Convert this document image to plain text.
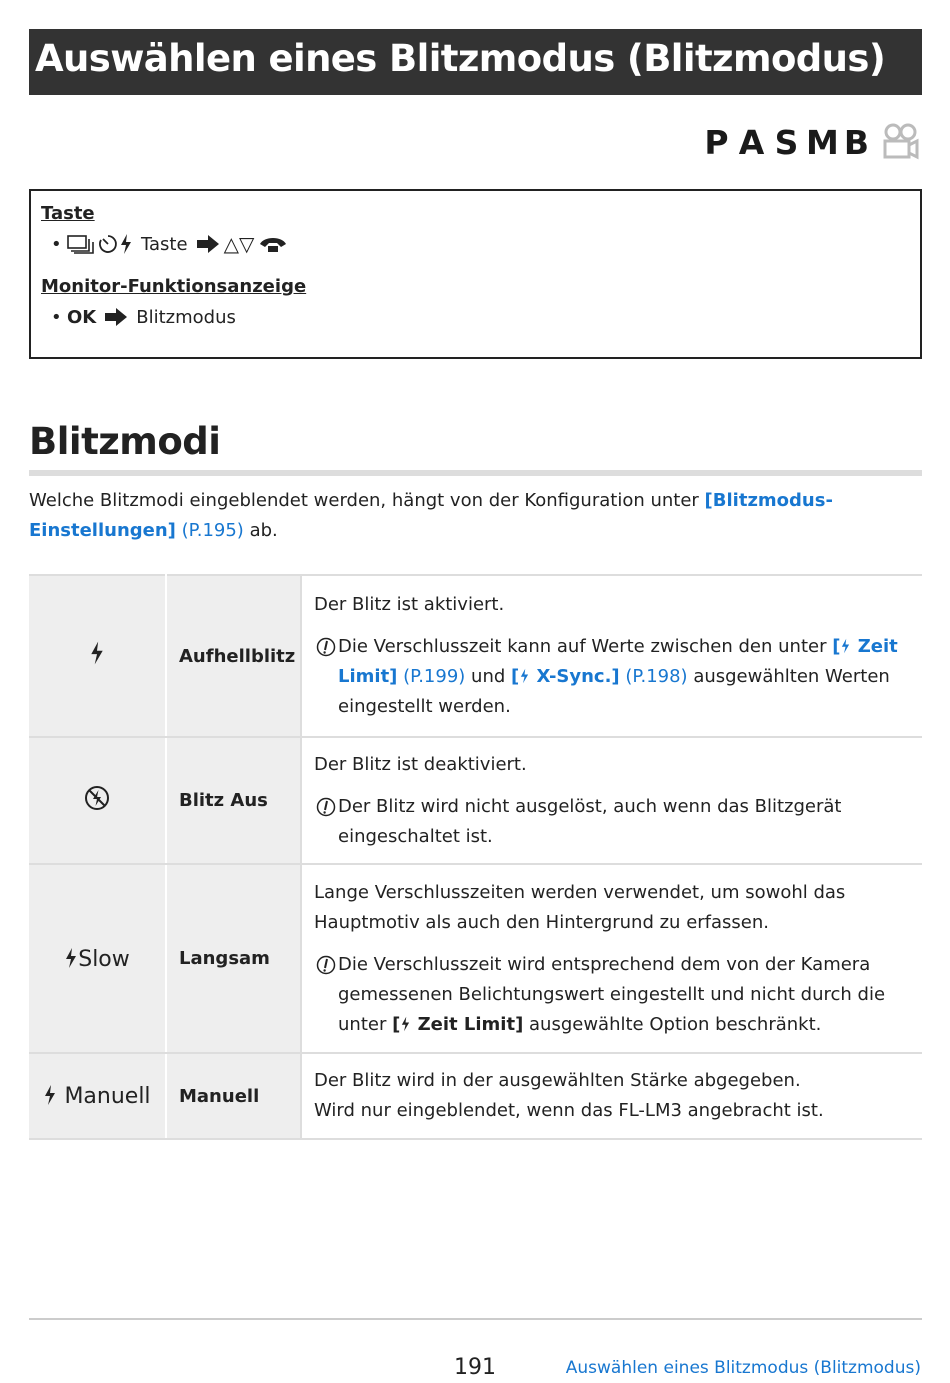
Auswählen eines Blitzmodus (Blitzmodus)
P A S M B
Taste
•	Taste △▽
Monitor-Funktionsanzeige
• OK Blitzmodus
Blitzmodi
Welche Blitzmodi eingeblendet werden, hängt von der Konfiguration unter [Blitzmodus-Einstellungen] (P.195) ab.
	Aufhellblitz	Der Blitz ist aktiviert.
Die Verschlusszeit kann auf Werte zwischen den unter [ Zeit Limit] (P.199) und [ X-Sync.] (P.198) ausgewählten Werten eingestellt werden.

	Blitz Aus	Der Blitz ist deaktiviert.
Der Blitz wird nicht ausgelöst, auch wenn das Blitzgerät eingeschaltet ist.

Slow	Langsam	Lange Verschlusszeiten werden verwendet, um sowohl das Hauptmotiv als auch den Hintergrund zu erfassen.
Die Verschlusszeit wird entsprechend dem von der Kamera gemessenen Belichtungswert eingestellt und nicht durch die unter [ Zeit Limit] ausgewählte Option beschränkt.

Manuell	Manuell	Der Blitz wird in der ausgewählten Stärke abgegeben.
Wird nur eingeblendet, wenn das FL-LM3 angebracht ist.
191	Auswählen eines Blitzmodus (Blitzmodus)
